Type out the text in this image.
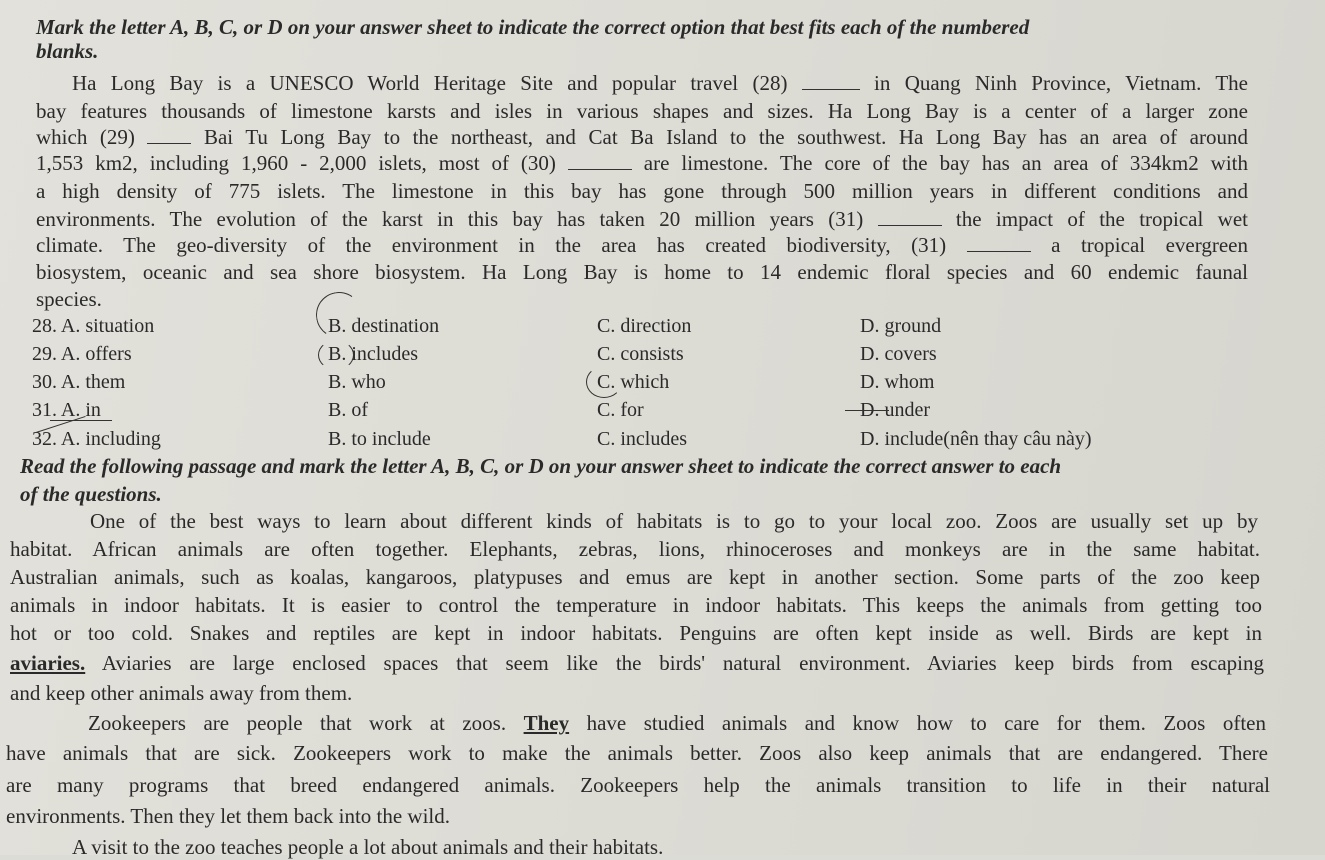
Mark the letter A, B, C, or D on your answer sheet to indicate the correct option that best fits each of the numbered
blanks.
Ha Long Bay is a UNESCO World Heritage Site and popular travel (28)	in Quang Ninh Province, Vietnam. The
bay features thousands of limestone karsts and isles in various shapes and sizes. Ha Long Bay is a center of a larger zone
which (29)  Bai Tu Long Bay to the northeast, and Cat Ba Island to the southwest. Ha Long Bay has an area of around
1,553 km2, including 1,960 - 2,000 islets, most of (30)	are limestone. The core of the bay has an area of 334km2 with
a high density of 775 islets. The limestone in this bay has gone through 500 million years in different conditions and
environments. The evolution of the karst in this bay has taken 20 million years (31)	the impact of the tropical wet
climate. The geo-diversity of the environment in the area has created biodiversity, (31)	a tropical evergreen
biosystem, oceanic and sea shore biosystem. Ha Long Bay is home to 14 endemic floral species and 60 endemic faunal
species.
28. A. situation	B. destination	C. direction	D. ground
29. A. offers	B. includes	C. consists	D. covers
30. A. them	B. who	C. which	D. whom
31. A. in	B. of	C. for	D. under
32. A. including	B. to include	C. includes	D. include(nên thay câu này)
Read the following passage and mark the letter A, B, C, or D on your answer sheet to indicate the correct answer to each
of the questions.
One of the best ways to learn about different kinds of habitats is to go to your local zoo. Zoos are usually set up by
habitat. African animals are often together. Elephants, zebras, lions, rhinoceroses and monkeys are in the same habitat.
Australian animals, such as koalas, kangaroos, platypuses and emus are kept in another section. Some parts of the zoo keep
animals in indoor habitats. It is easier to control the temperature in indoor habitats. This keeps the animals from getting too
hot or too cold. Snakes and reptiles are kept in indoor habitats. Penguins are often kept inside as well. Birds are kept in
aviaries. Aviaries are large enclosed spaces that seem like the birds' natural environment. Aviaries keep birds from escaping
and keep other animals away from them.
Zookeepers are people that work at zoos. They have studied animals and know how to care for them. Zoos often
have animals that are sick. Zookeepers work to make the animals better. Zoos also keep animals that are endangered. There
are many programs that breed endangered animals. Zookeepers help the animals transition to life in their natural
environments. Then they let them back into the wild.
A visit to the zoo teaches people a lot about animals and their habitats.
